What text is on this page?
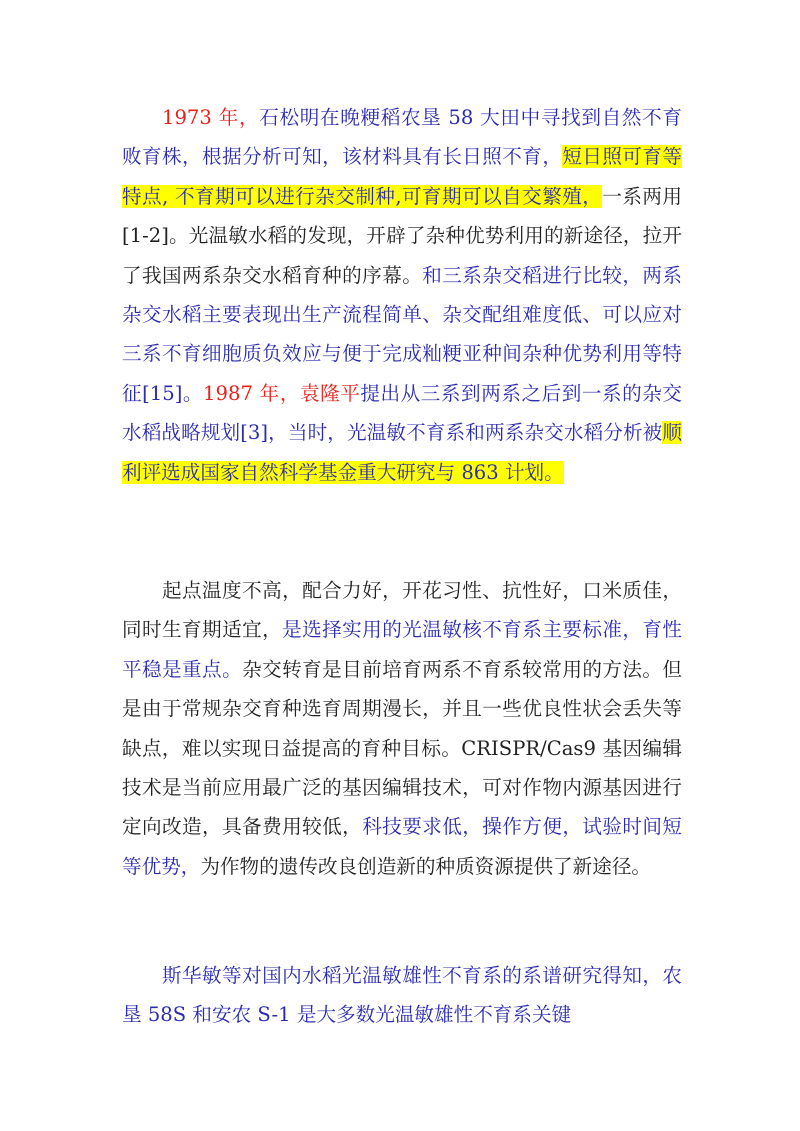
1973 年，石松明在晚粳稻农垦 58 大田中寻找到自然不育败育株，根据分析可知，该材料具有长日照不育，短日照可育等特点, 不育期可以进行杂交制种,可育期可以自交繁殖，一系两用[1-2]。光温敏水稻的发现，开辟了杂种优势利用的新途径，拉开了我国两系杂交水稻育种的序幕。和三系杂交稻进行比较，两系杂交水稻主要表现出生产流程简单、杂交配组难度低、可以应对三系不育细胞质负效应与便于完成籼粳亚种间杂种优势利用等特征[15]。1987 年，袁隆平提出从三系到两系之后到一系的杂交水稻战略规划[3]，当时，光温敏不育系和两系杂交水稻分析被顺利评选成国家自然科学基金重大研究与 863 计划。

起点温度不高，配合力好，开花习性、抗性好，口米质佳，同时生育期适宜，是选择实用的光温敏核不育系主要标准，育性平稳是重点。杂交转育是目前培育两系不育系较常用的方法。但是由于常规杂交育种选育周期漫长，并且一些优良性状会丢失等缺点，难以实现日益提高的育种目标。CRISPR/Cas9 基因编辑技术是当前应用最广泛的基因编辑技术，可对作物内源基因进行定向改造，具备费用较低，科技要求低，操作方便，试验时间短等优势，为作物的遗传改良创造新的种质资源提供了新途径。

斯华敏等对国内水稻光温敏雄性不育系的系谱研究得知，农垦 58S 和安农 S-1 是大多数光温敏雄性不育系关键
